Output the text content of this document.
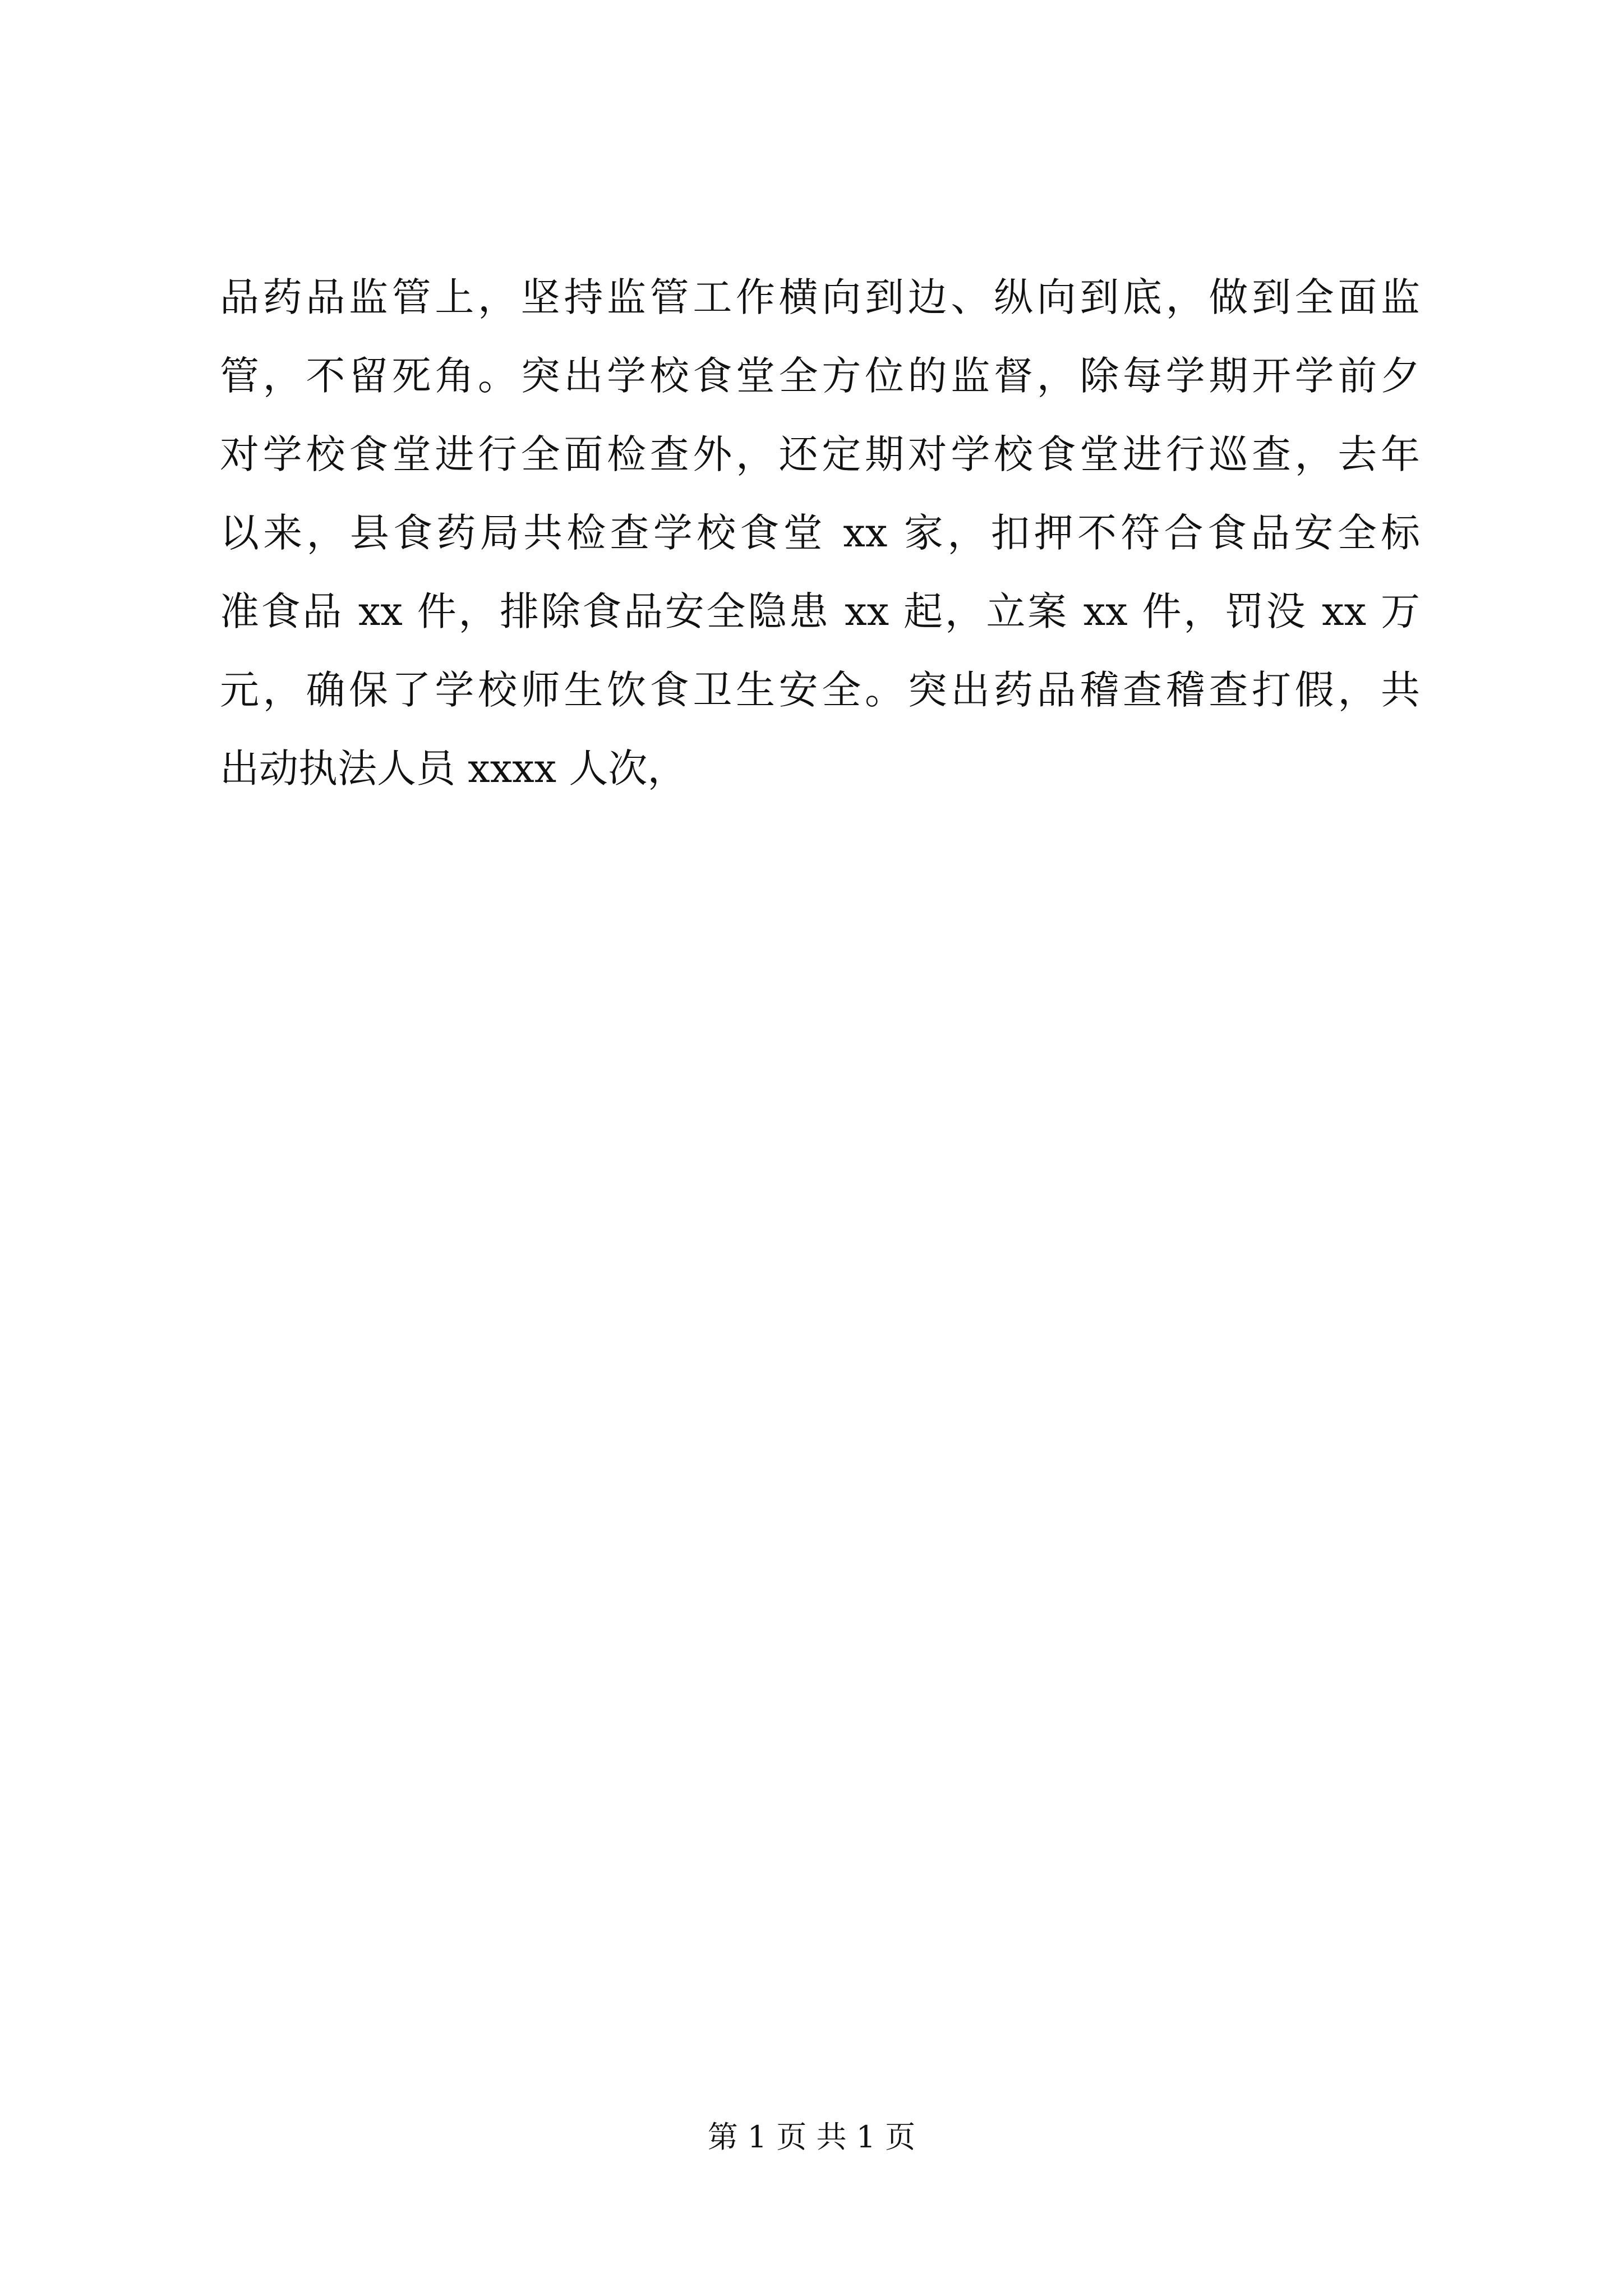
品药品监管上，坚持监管工作横向到边、纵向到底，做到全面监
管，不留死角。突出学校食堂全方位的监督，除每学期开学前夕
对学校食堂进行全面检查外，还定期对学校食堂进行巡查，去年
以来，县食药局共检查学校食堂 xx 家，扣押不符合食品安全标
准食品 xx 件，排除食品安全隐患 xx 起，立案 xx 件，罚没 xx 万
元，确保了学校师生饮食卫生安全。突出药品稽查稽查打假，共
出动执法人员 xxxx 人次，
第 1 页 共 1 页
